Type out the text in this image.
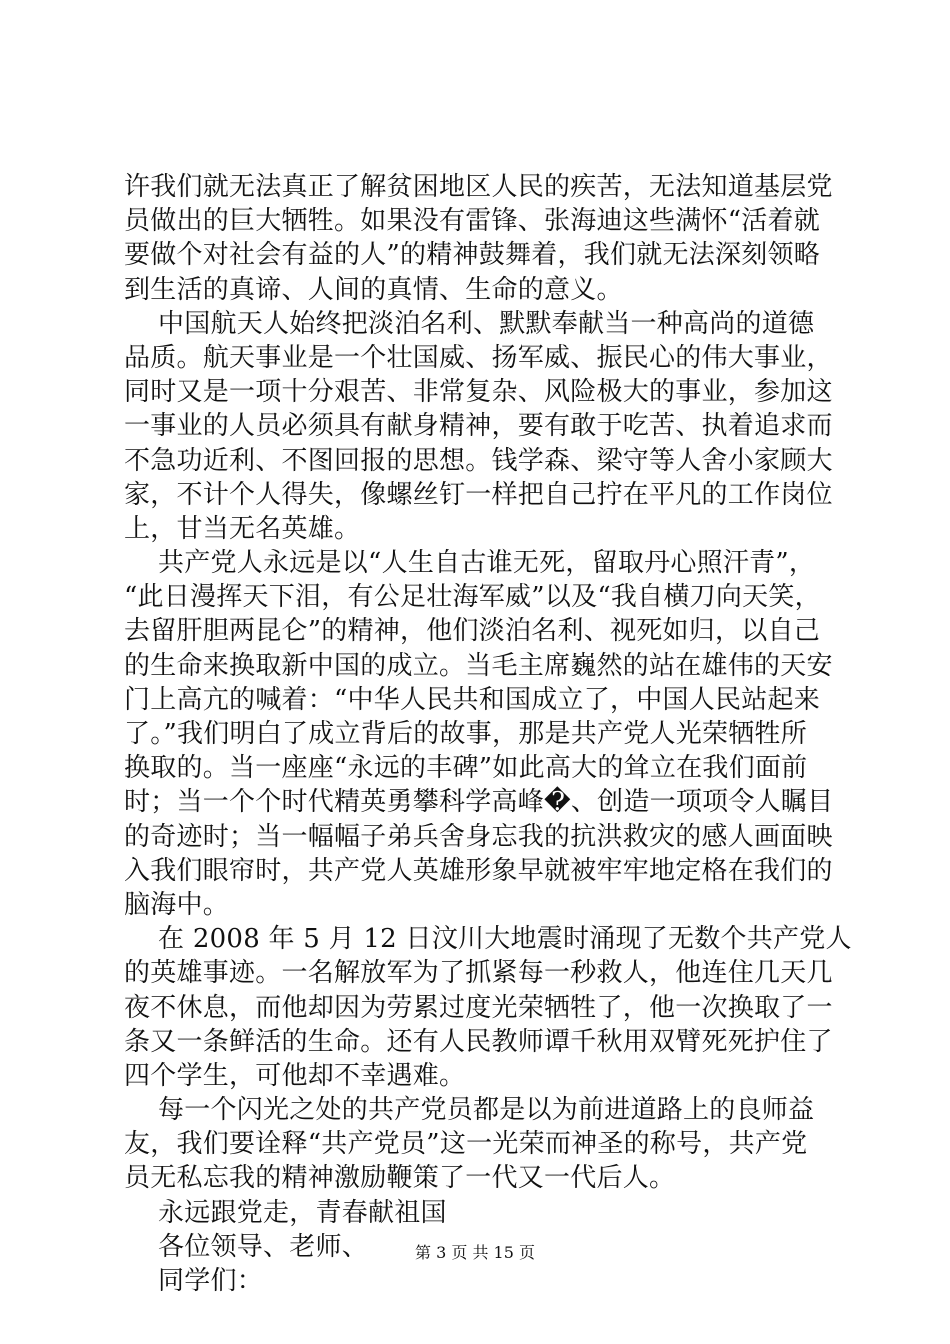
许我们就无法真正了解贫困地区人民的疾苦，无法知道基层党
员做出的巨大牺牲。如果没有雷锋、张海迪这些满怀“活着就
要做个对社会有益的人”的精神鼓舞着，我们就无法深刻领略
到生活的真谛、人间的真情、生命的意义。
中国航天人始终把淡泊名利、默默奉献当一种高尚的道德
品质。航天事业是一个壮国威、扬军威、振民心的伟大事业，
同时又是一项十分艰苦、非常复杂、风险极大的事业，参加这
一事业的人员必须具有献身精神，要有敢于吃苦、执着追求而
不急功近利、不图回报的思想。钱学森、梁守等人舍小家顾大
家，不计个人得失，像螺丝钉一样把自己拧在平凡的工作岗位
上，甘当无名英雄。
共产党人永远是以“人生自古谁无死，留取丹心照汗青”，
“此日漫挥天下泪，有公足壮海军威”以及“我自横刀向天笑，
去留肝胆两昆仑”的精神，他们淡泊名利、视死如归，以自己
的生命来换取新中国的成立。当毛主席巍然的站在雄伟的天安
门上高亢的喊着：“中华人民共和国成立了，中国人民站起来
了。”我们明白了成立背后的故事，那是共产党人光荣牺牲所
换取的。当一座座“永远的丰碑”如此高大的耸立在我们面前
时；当一个个时代精英勇攀科学高峰�、创造一项项令人瞩目
的奇迹时；当一幅幅子弟兵舍身忘我的抗洪救灾的感人画面映
入我们眼帘时，共产党人英雄形象早就被牢牢地定格在我们的
脑海中。
在 2008 年 5 月 12 日汶川大地震时涌现了无数个共产党人
的英雄事迹。一名解放军为了抓紧每一秒救人，他连住几天几
夜不休息，而他却因为劳累过度光荣牺牲了，他一次换取了一
条又一条鲜活的生命。还有人民教师谭千秋用双臂死死护住了
四个学生，可他却不幸遇难。
每一个闪光之处的共产党员都是以为前进道路上的良师益
友，我们要诠释“共产党员”这一光荣而神圣的称号，共产党
员无私忘我的精神激励鞭策了一代又一代后人。
永远跟党走，青春献祖国
各位领导、老师、
同学们：
第 3 页 共 15 页
